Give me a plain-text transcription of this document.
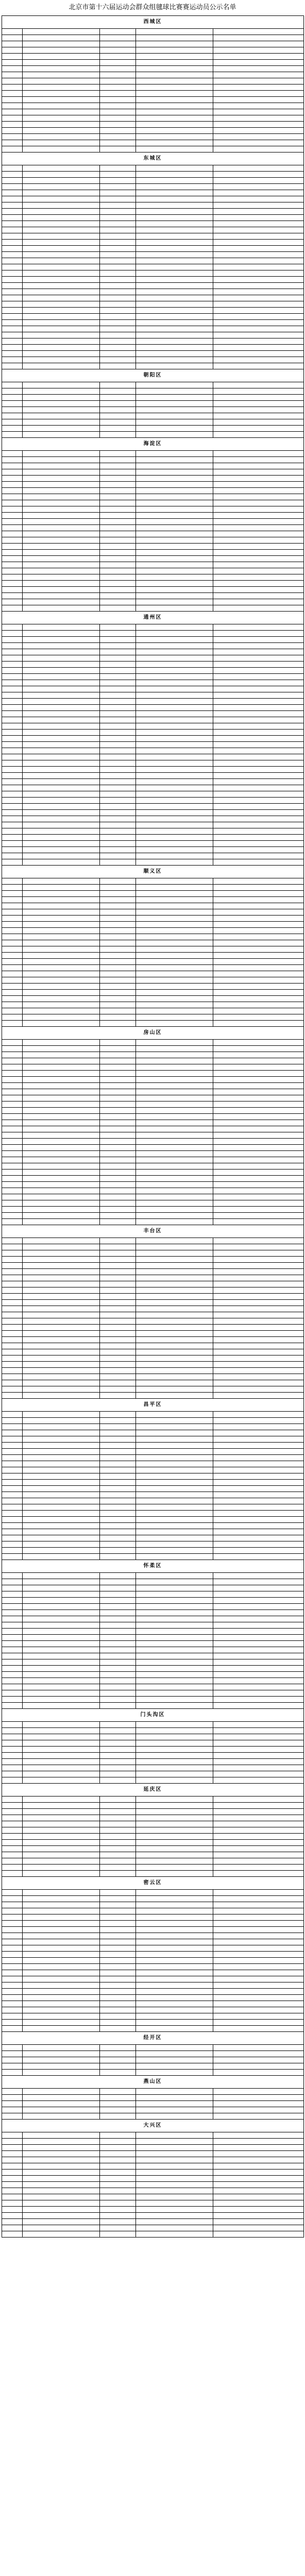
北京市第十六届运动会群众组毽球比赛赛运动员公示名单
西城区				

东城区				

朝阳区				

海淀区				

通州区				

顺义区				

房山区				

丰台区				

昌平区				

怀柔区				

门头沟区				

延庆区				

密云区				

经开区				

燕山区				

大兴区				
